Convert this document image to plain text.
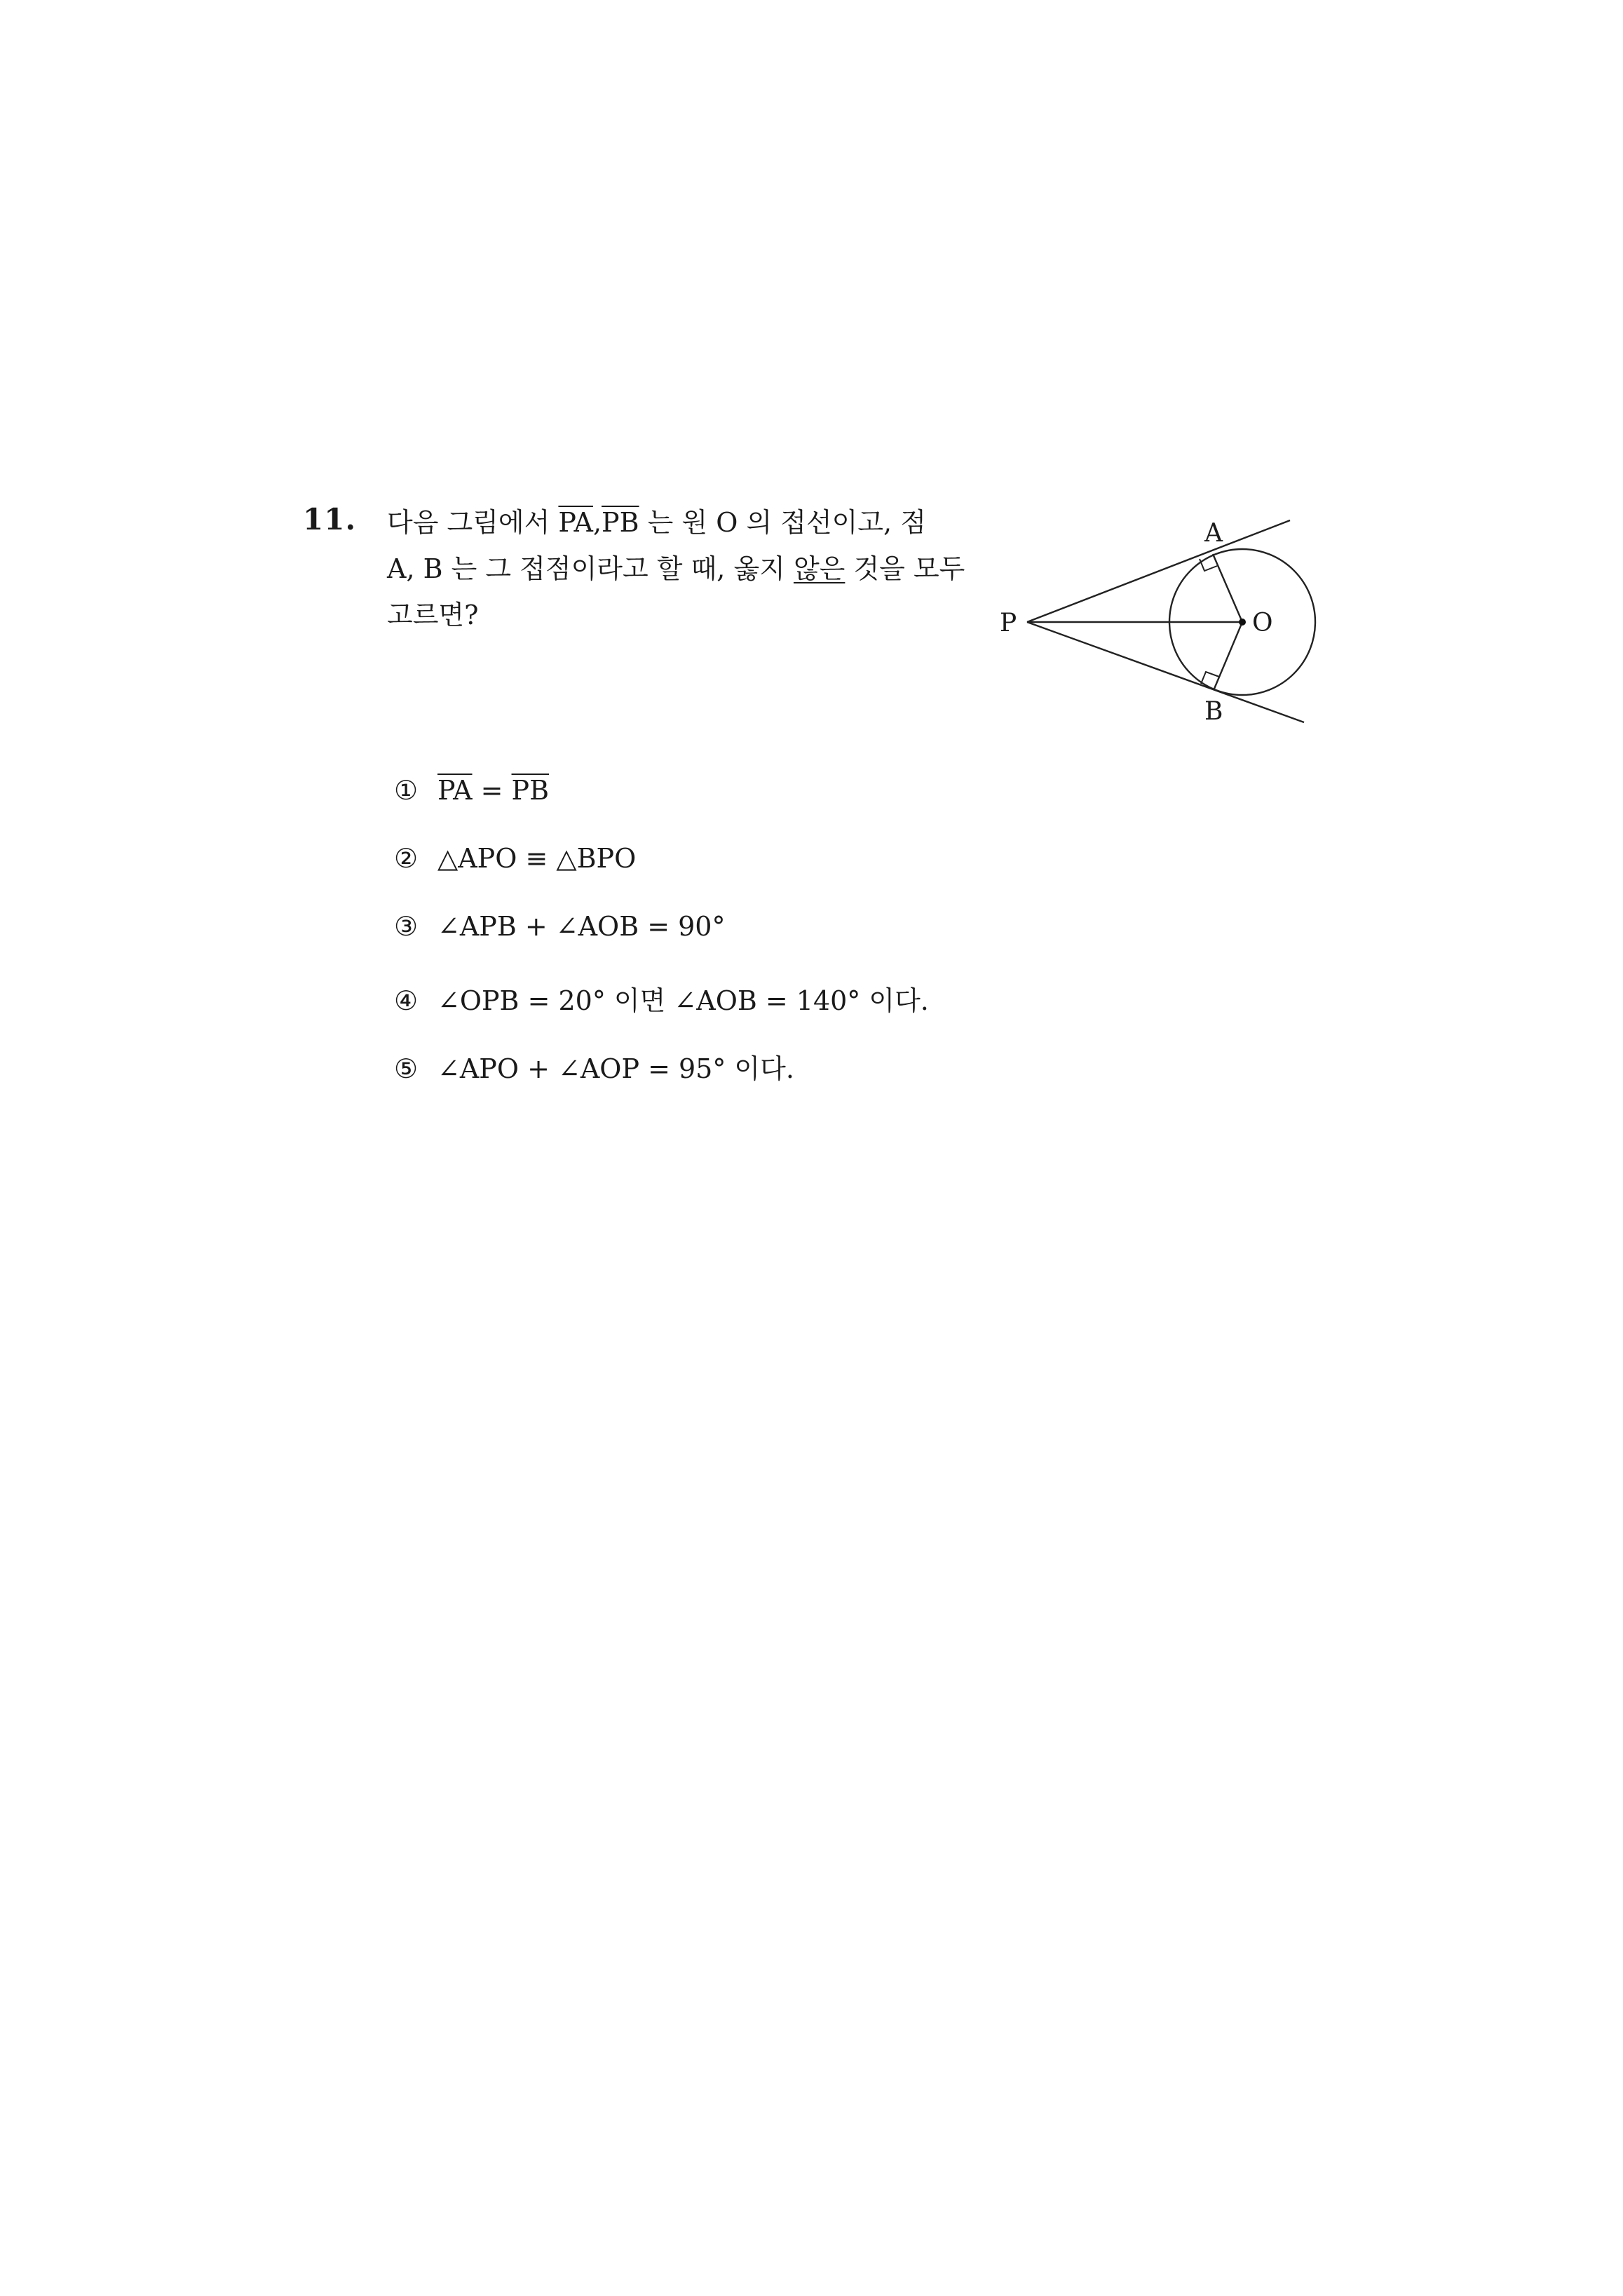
11. 다음 그림에서 $\overline{PA},\overline{PB}$ 는 원 O 의 접선이고, 점
A, B 는 그 접점이라고 할 때, 옳지 않은 것을 모두
고르면?
A
B
P	O
① $\overline{PA} = \overline{PB}$
② △APO ≡ △BPO
③ ∠APB + ∠AOB = 90°
④ ∠OPB = 20° 이면 ∠AOB = 140° 이다.
⑤ ∠APO + ∠AOP = 95° 이다.
